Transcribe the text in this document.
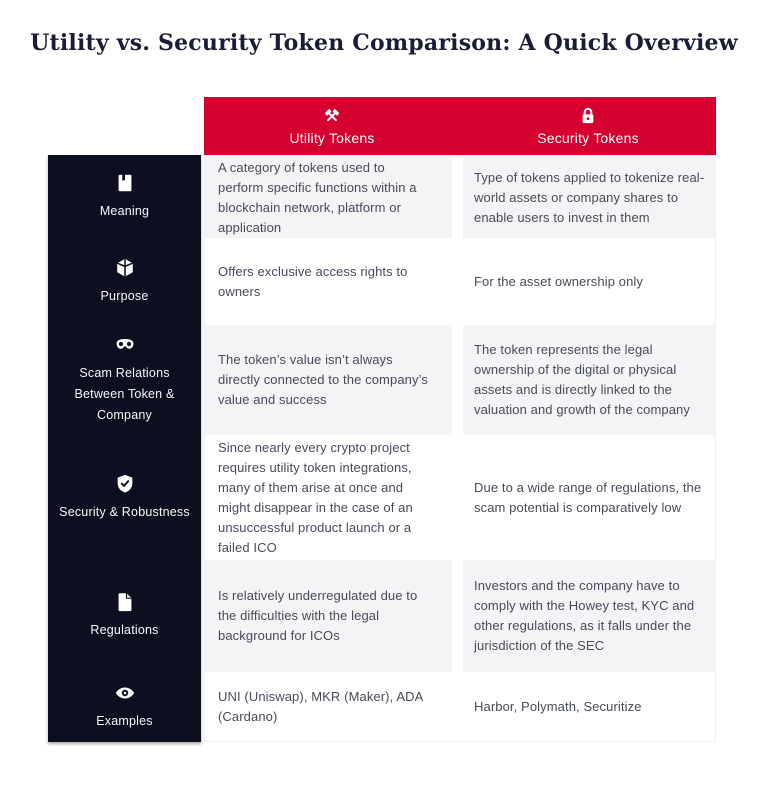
Utility vs. Security Token Comparison: A Quick Overview
Utility Tokens	Security Tokens
Meaning
Purpose
Scam Relations Between Token & Company
Security & Robustness
Regulations
Examples
A category of tokens used to perform specific functions within a blockchain network, platform or application
Type of tokens applied to tokenize real-world assets or company shares to enable users to invest in them
Offers exclusive access rights to owners
For the asset ownership only
The token’s value isn’t always directly connected to the company’s value and success
The token represents the legal ownership of the digital or physical assets and is directly linked to the valuation and growth of the company
Since nearly every crypto project requires utility token integrations, many of them arise at once and might disappear in the case of an unsuccessful product launch or a failed ICO
Due to a wide range of regulations, the scam potential is comparatively low
Is relatively underregulated due to the difficulties with the legal background for ICOs
Investors and the company have to comply with the Howey test, KYC and other regulations, as it falls under the jurisdiction of the SEC
UNI (Uniswap), MKR (Maker), ADA (Cardano)
Harbor, Polymath, Securitize
